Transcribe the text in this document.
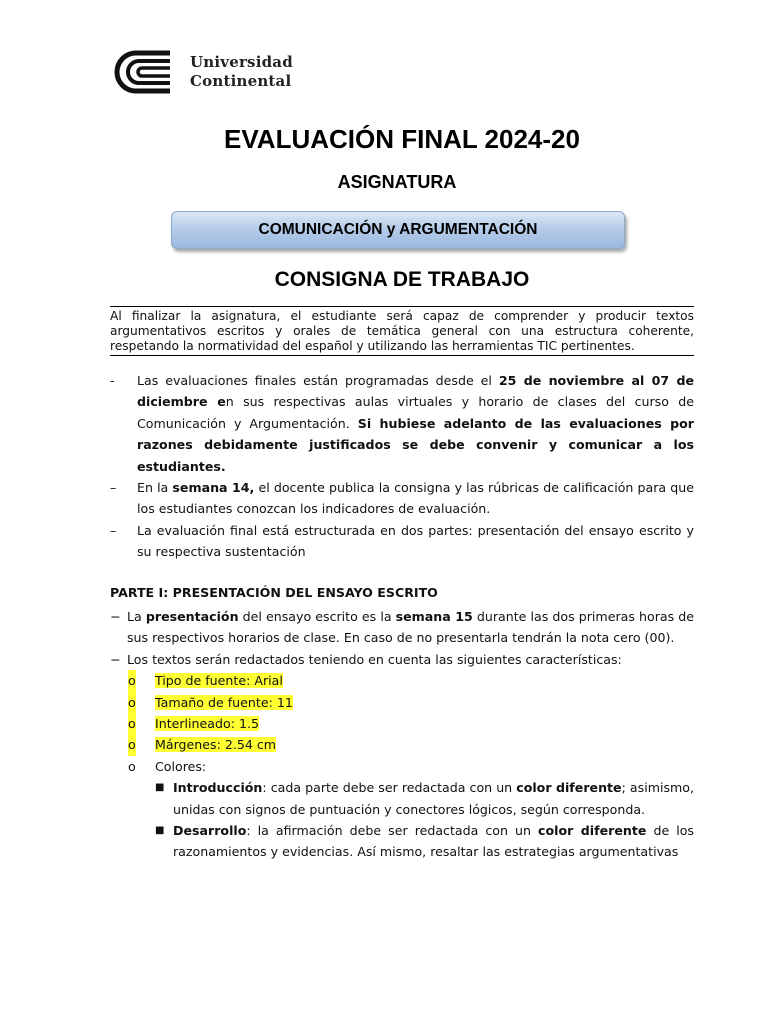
Universidad
Continental
EVALUACIÓN FINAL 2024-20
ASIGNATURA
COMUNICACIÓN y ARGUMENTACIÓN
CONSIGNA DE TRABAJO
Al finalizar la asignatura, el estudiante será capaz de comprender y producir textos argumentativos escritos y orales de temática general con una estructura coherente, respetando la normatividad del español y utilizando las herramientas TIC pertinentes.
- Las evaluaciones finales están programadas desde el 25 de noviembre al 07 de diciembre en sus respectivas aulas virtuales y horario de clases del curso de Comunicación y Argumentación. Si hubiese adelanto de las evaluaciones por razones debidamente justificados se debe convenir y comunicar a los estudiantes.
– En la semana 14, el docente publica la consigna y las rúbricas de calificación para que los estudiantes conozcan los indicadores de evaluación.
– La evaluación final está estructurada en dos partes: presentación del ensayo escrito y su respectiva sustentación
PARTE I: PRESENTACIÓN DEL ENSAYO ESCRITO
− La presentación del ensayo escrito es la semana 15 durante las dos primeras horas de sus respectivos horarios de clase. En caso de no presentarla tendrán la nota cero (00).
− Los textos serán redactados teniendo en cuenta las siguientes características:
o Tipo de fuente: Arial
o Tamaño de fuente: 11
o Interlineado: 1.5
o Márgenes: 2.54 cm
o Colores:
■ Introducción: cada parte debe ser redactada con un color diferente; asimismo, unidas con signos de puntuación y conectores lógicos, según corresponda.
■ Desarrollo: la afirmación debe ser redactada con un color diferente de los razonamientos y evidencias. Así mismo, resaltar las estrategias argumentativas
